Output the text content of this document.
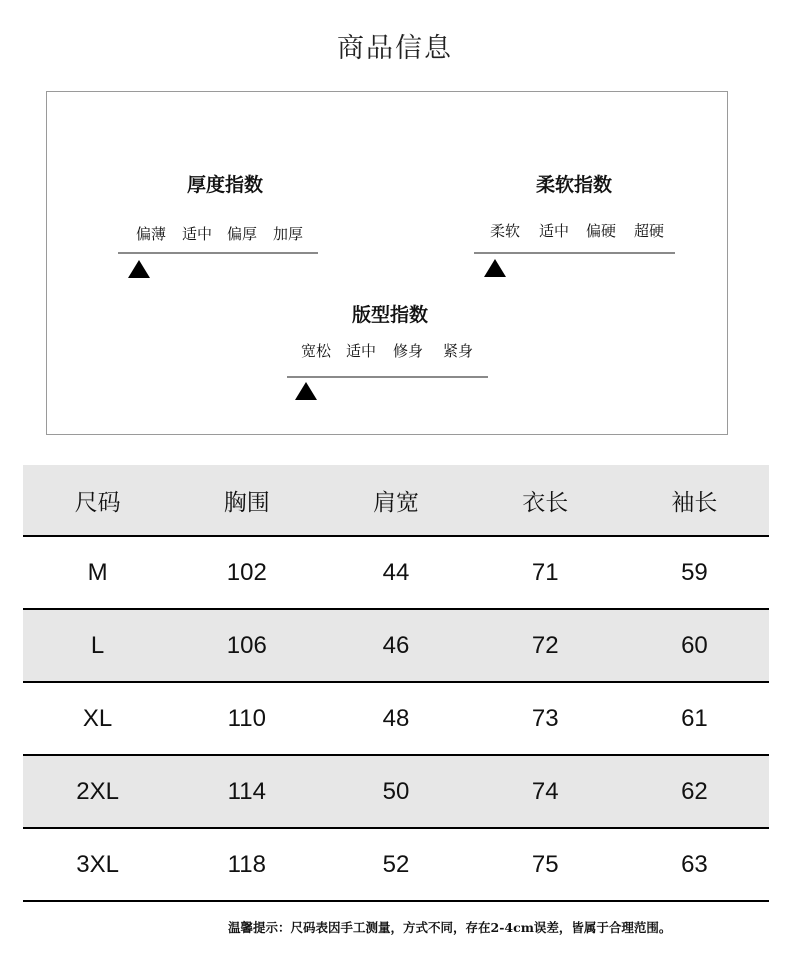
商品信息
厚度指数
偏薄 适中 偏厚 加厚
柔软指数
柔软 适中 偏硬 超硬
版型指数
宽松 适中 修身 紧身
尺码	胸围	肩宽	衣长	袖长
M	102	44	71	59
L	106	46	72	60
XL	110	48	73	61
2XL	114	50	74	62
3XL	118	52	75	63
温馨提示：尺码表因手工测量，方式不同，存在2-4cm误差，皆属于合理范围。
